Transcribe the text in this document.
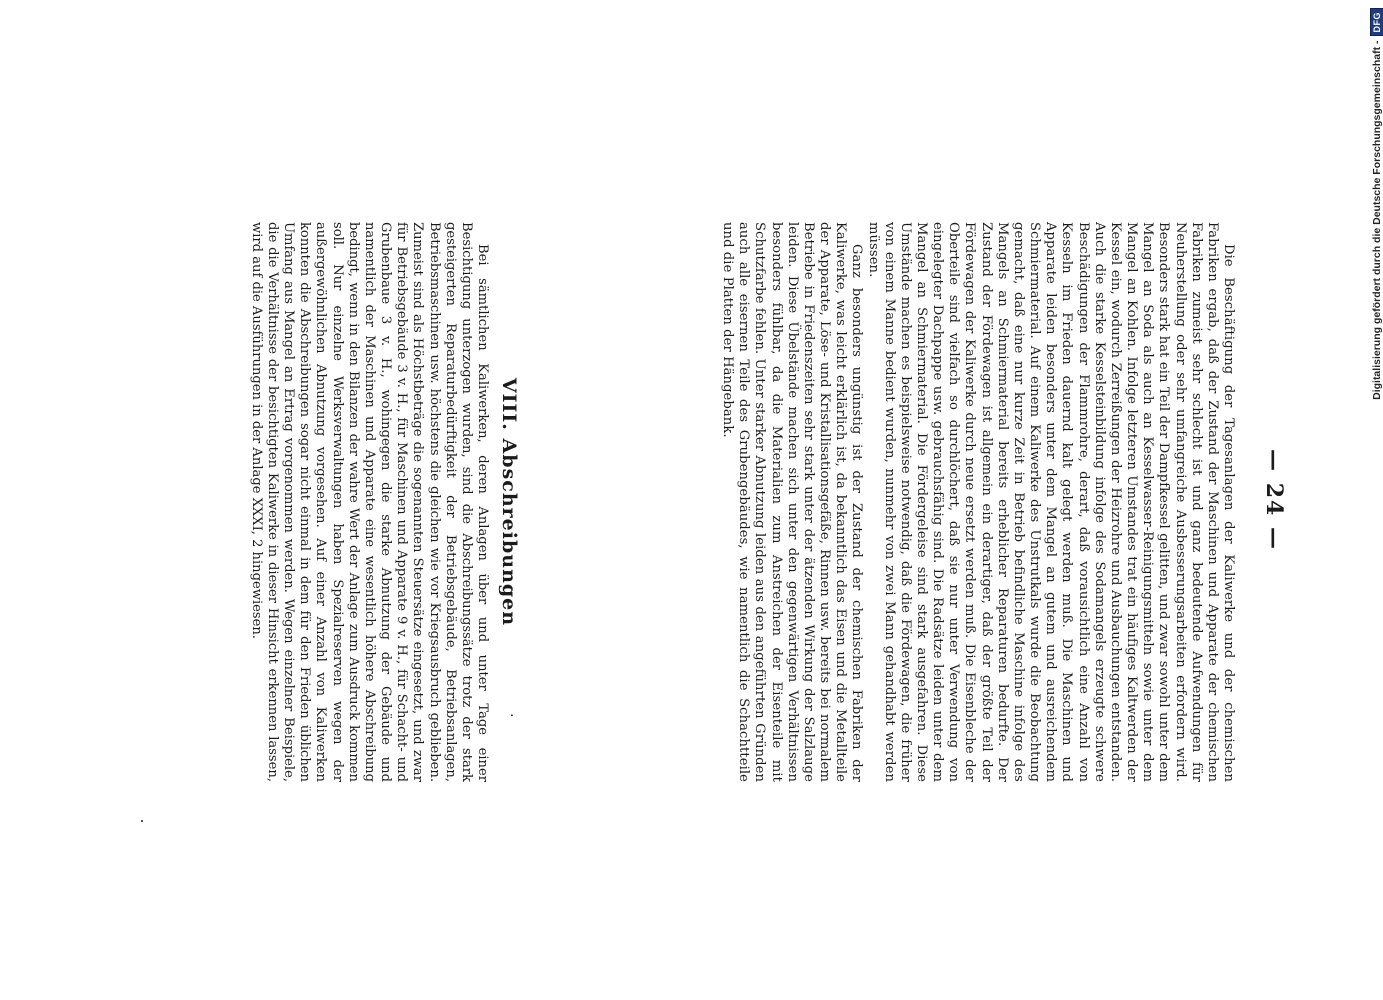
— 24 —

Die Beschäftigung der Tagesanlagen der Kaliwerke und der chemischen Fabriken ergab, daß der Zustand der Maschinen und Apparate der chemischen Fabriken zumeist sehr schlecht ist und ganz bedeutende Aufwendungen für Neuherstellung oder sehr umfangreiche Ausbesserungsarbeiten erfordern wird. Besonders stark hat ein Teil der Dampfkessel gelitten, und zwar sowohl unter dem Mangel an Soda als auch an Kesselwasser-Reinigungsmitteln sowie unter dem Mangel an Kohlen. Infolge letzteren Umstandes trat ein häufiges Kaltwerden der Kessel ein, wodurch Zerreißungen der Heizrohre und Ausbauchungen entstanden. Auch die starke Kesselsteinbildung infolge des Sodamangels erzeugte schwere Beschädigungen der Flammrohre, derart, daß vorausichtlich eine Anzahl von Kesseln im Frieden dauernd kalt gelegt werden muß. Die Maschinen und Apparate leiden besonders unter dem Mangel an gutem und ausreichendem Schmiermaterial. Auf einem Kaliwerke des Unstrutkals wurde die Beobachtung gemacht, daß eine nur kurze Zeit in Betrieb befindliche Maschine infolge des Mangels an Schmiermaterial bereits erheblicher Reparaturen bedurfte. Der Zustand der Fördewagen ist allgemein ein derartiger, daß der größte Teil der Fördewagen der Kaliwerke durch neue ersetzt werden muß. Die Eisenbleche der Oberteile sind vielfach so durchlöchert, daß sie nur unter Verwendung von eingelegter Dachpappe usw. gebrauchsfähig sind. Die Radsätze leiden unter dem Mangel an Schmiermaterial. Die Fördergeleise sind stark ausgefahren. Diese Umstände machen es beispielsweise notwendig, daß die Fördewagen, die früher von einem Manne bedient wurden, nunmehr von zwei Mann gehandhabt werden müssen.

Ganz besonders ungünstig ist der Zustand der chemischen Fabriken der Kaliwerke, was leicht erklärlich ist, da bekanntlich das Eisen und die Metallteile der Apparate, Löse- und Kristallisationsgefäße, Rinnen usw. bereits bei normalem Betriebe in Friedenszeiten sehr stark unter der ätzenden Wirkung der Salzlauge leiden. Diese Übelstände machen sich unter den gegenwärtigen Verhältnissen besonders fühlbar, da die Materialien zum Anstreichen der Eisenteile mit Schutzfarbe fehlen. Unter starker Abnutzung leiden aus den angeführten Gründen auch alle eisernen Teile des Grubengebäudes, wie namentlich die Schachtteile und die Platten der Hängebank.

.
VIII. Abschreibungen

Bei sämtlichen Kaliwerken, deren Anlagen über und unter Tage einer Besichtigung unterzogen wurden, sind die Abschreibungssätze trotz der stark gesteigerten Reparaturbedürftigkeit der Betriebsgebäude, Betriebsanlagen, Betriebsmaschinen usw. höchstens die gleichen wie vor Kriegsausbruch geblieben. Zumeist sind als Höchstbeträge die sogenannten Steuersätze eingesetzt, und zwar für Betriebsgebäude 3 v. H., für Maschinen und Apparate 9 v. H., für Schacht- und Grubenbaue 3 v. H., wohingegen die starke Abnutzung der Gebäude und namentlich der Maschinen und Apparate eine wesentlich höhere Abschreibung bedingt, wenn in den Bilanzen der wahre Wert der Anlage zum Ausdruck kommen soll. Nur einzelne Werksverwaltungen haben Spezialreserven wegen der außergewöhnlichen Abnutzung vorgesehen. Auf einer Anzahl von Kaliwerken konnten die Abschreibungen sogar nicht einmal in dem für den Frieden üblichen Umfang aus Mangel an Ertrag vorgenommen werden. Wegen einzelner Beispiele, die die Verhältnisse der besichtigten Kaliwerke in dieser Hinsicht erkennen lassen, wird auf die Ausführungen in der Anlage XXXI, 2 hingewiesen.

Digitalisierung gefördert durch die Deutsche Forschungsgemeinschaft -
DFG
